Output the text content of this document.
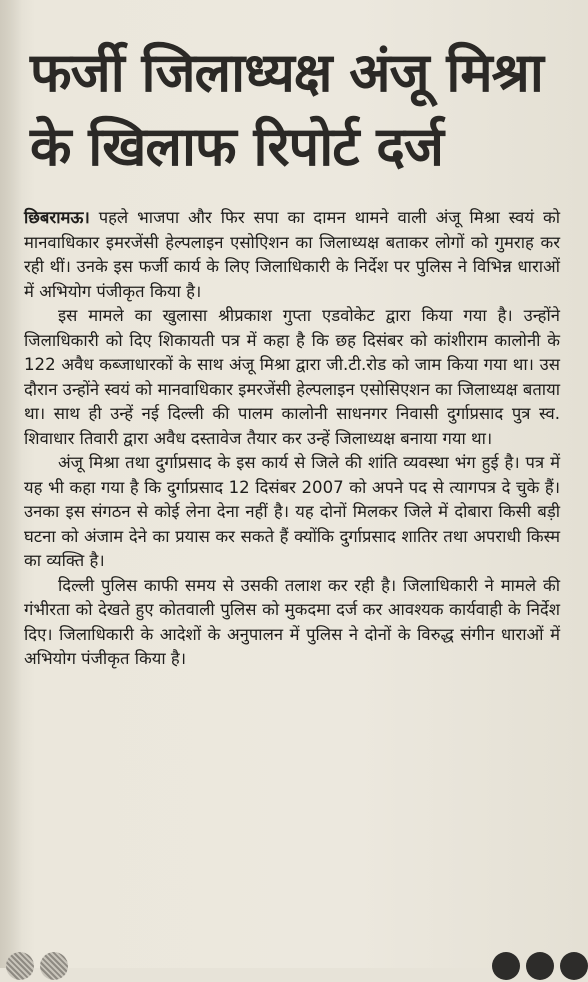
फर्जी जिलाध्यक्ष अंजू मिश्रा
के खिलाफ रिपोर्ट दर्ज

छिबरामऊ। पहले भाजपा और फिर सपा का दामन थामने वाली अंजू मिश्रा स्वयं को मानवाधिकार इमरजेंसी हेल्पलाइन एसोएिशन का जिलाध्यक्ष बताकर लोगों को गुमराह कर रही थीं। उनके इस फर्जी कार्य के लिए जिलाधिकारी के निर्देश पर पुलिस ने विभिन्न धाराओं में अभियोग पंजीकृत किया है।

इस मामले का खुलासा श्रीप्रकाश गुप्ता एडवोकेट द्वारा किया गया है। उन्होंने जिलाधिकारी को दिए शिकायती पत्र में कहा है कि छह दिसंबर को कांशीराम कालोनी के 122 अवैध कब्जाधारकों के साथ अंजू मिश्रा द्वारा जी.टी.रोड को जाम किया गया था। उस दौरान उन्होंने स्वयं को मानवाधिकार इमरजेंसी हेल्पलाइन एसोसिएशन का जिलाध्यक्ष बताया था। साथ ही उन्हें नई दिल्ली की पालम कालोनी साधनगर निवासी दुर्गाप्रसाद पुत्र स्व. शिवाधार तिवारी द्वारा अवैध दस्तावेज तैयार कर उन्हें जिलाध्यक्ष बनाया गया था।

अंजू मिश्रा तथा दुर्गाप्रसाद के इस कार्य से जिले की शांति व्यवस्था भंग हुई है। पत्र में यह भी कहा गया है कि दुर्गाप्रसाद 12 दिसंबर 2007 को अपने पद से त्यागपत्र दे चुके हैं। उनका इस संगठन से कोई लेना देना नहीं है। यह दोनों मिलकर जिले में दोबारा किसी बड़ी घटना को अंजाम देने का प्रयास कर सकते हैं क्योंकि दुर्गाप्रसाद शातिर तथा अपराधी किस्म का व्यक्ति है।

दिल्ली पुलिस काफी समय से उसकी तलाश कर रही है। जिलाधिकारी ने मामले की गंभीरता को देखते हुए कोतवाली पुलिस को मुकदमा दर्ज कर आवश्यक कार्यवाही के निर्देश दिए। जिलाधिकारी के आदेशों के अनुपालन में पुलिस ने दोनों के विरुद्ध संगीन धाराओं में अभियोग पंजीकृत किया है।
